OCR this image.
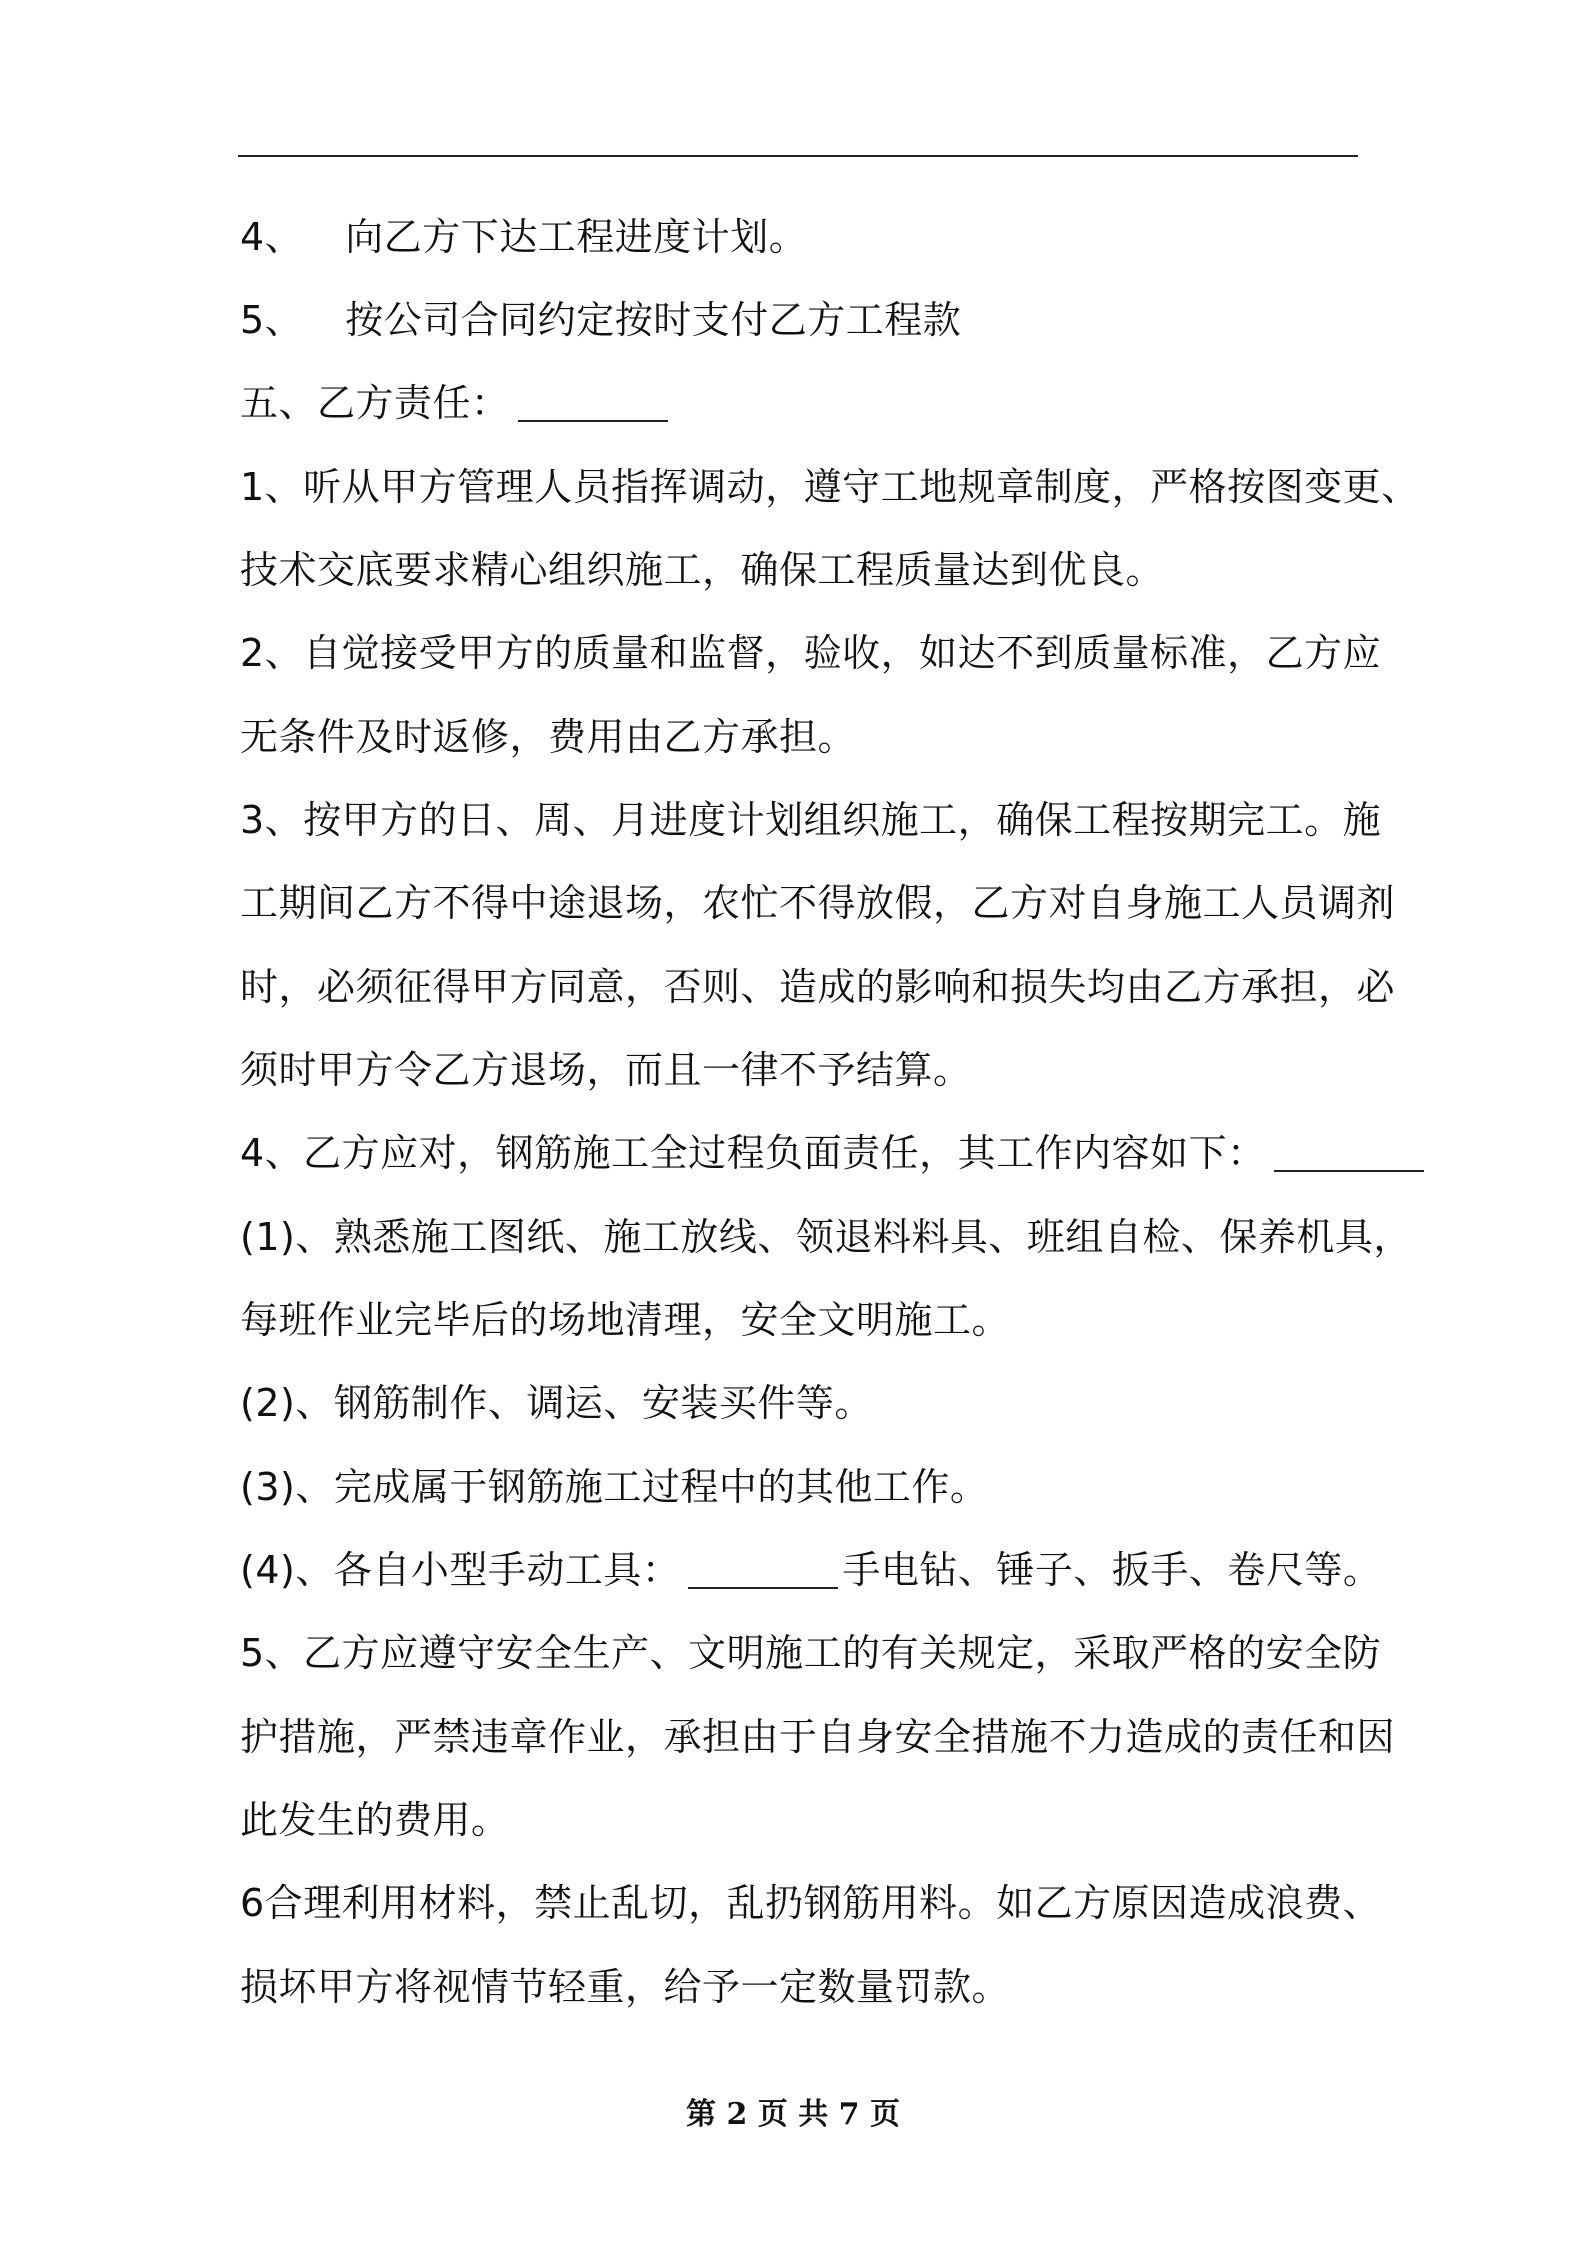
4、 向乙方下达工程进度计划。
5、 按公司合同约定按时支付乙方工程款
五、乙方责任：
1、听从甲方管理人员指挥调动，遵守工地规章制度，严格按图变更、
技术交底要求精心组织施工，确保工程质量达到优良。
2、自觉接受甲方的质量和监督，验收，如达不到质量标准，乙方应
无条件及时返修，费用由乙方承担。
3、按甲方的日、周、月进度计划组织施工，确保工程按期完工。施
工期间乙方不得中途退场，农忙不得放假，乙方对自身施工人员调剂
时，必须征得甲方同意，否则、造成的影响和损失均由乙方承担，必
须时甲方令乙方退场，而且一律不予结算。
4、乙方应对，钢筋施工全过程负面责任，其工作内容如下：
(1)、熟悉施工图纸、施工放线、领退料料具、班组自检、保养机具，
每班作业完毕后的场地清理，安全文明施工。
(2)、钢筋制作、调运、安装买件等。
(3)、完成属于钢筋施工过程中的其他工作。
(4)、各自小型手动工具：	手电钻、锤子、扳手、卷尺等。
5、乙方应遵守安全生产、文明施工的有关规定，采取严格的安全防
护措施，严禁违章作业，承担由于自身安全措施不力造成的责任和因
此发生的费用。
6合理利用材料，禁止乱切，乱扔钢筋用料。如乙方原因造成浪费、
损坏甲方将视情节轻重，给予一定数量罚款。
第 2 页 共 7 页
